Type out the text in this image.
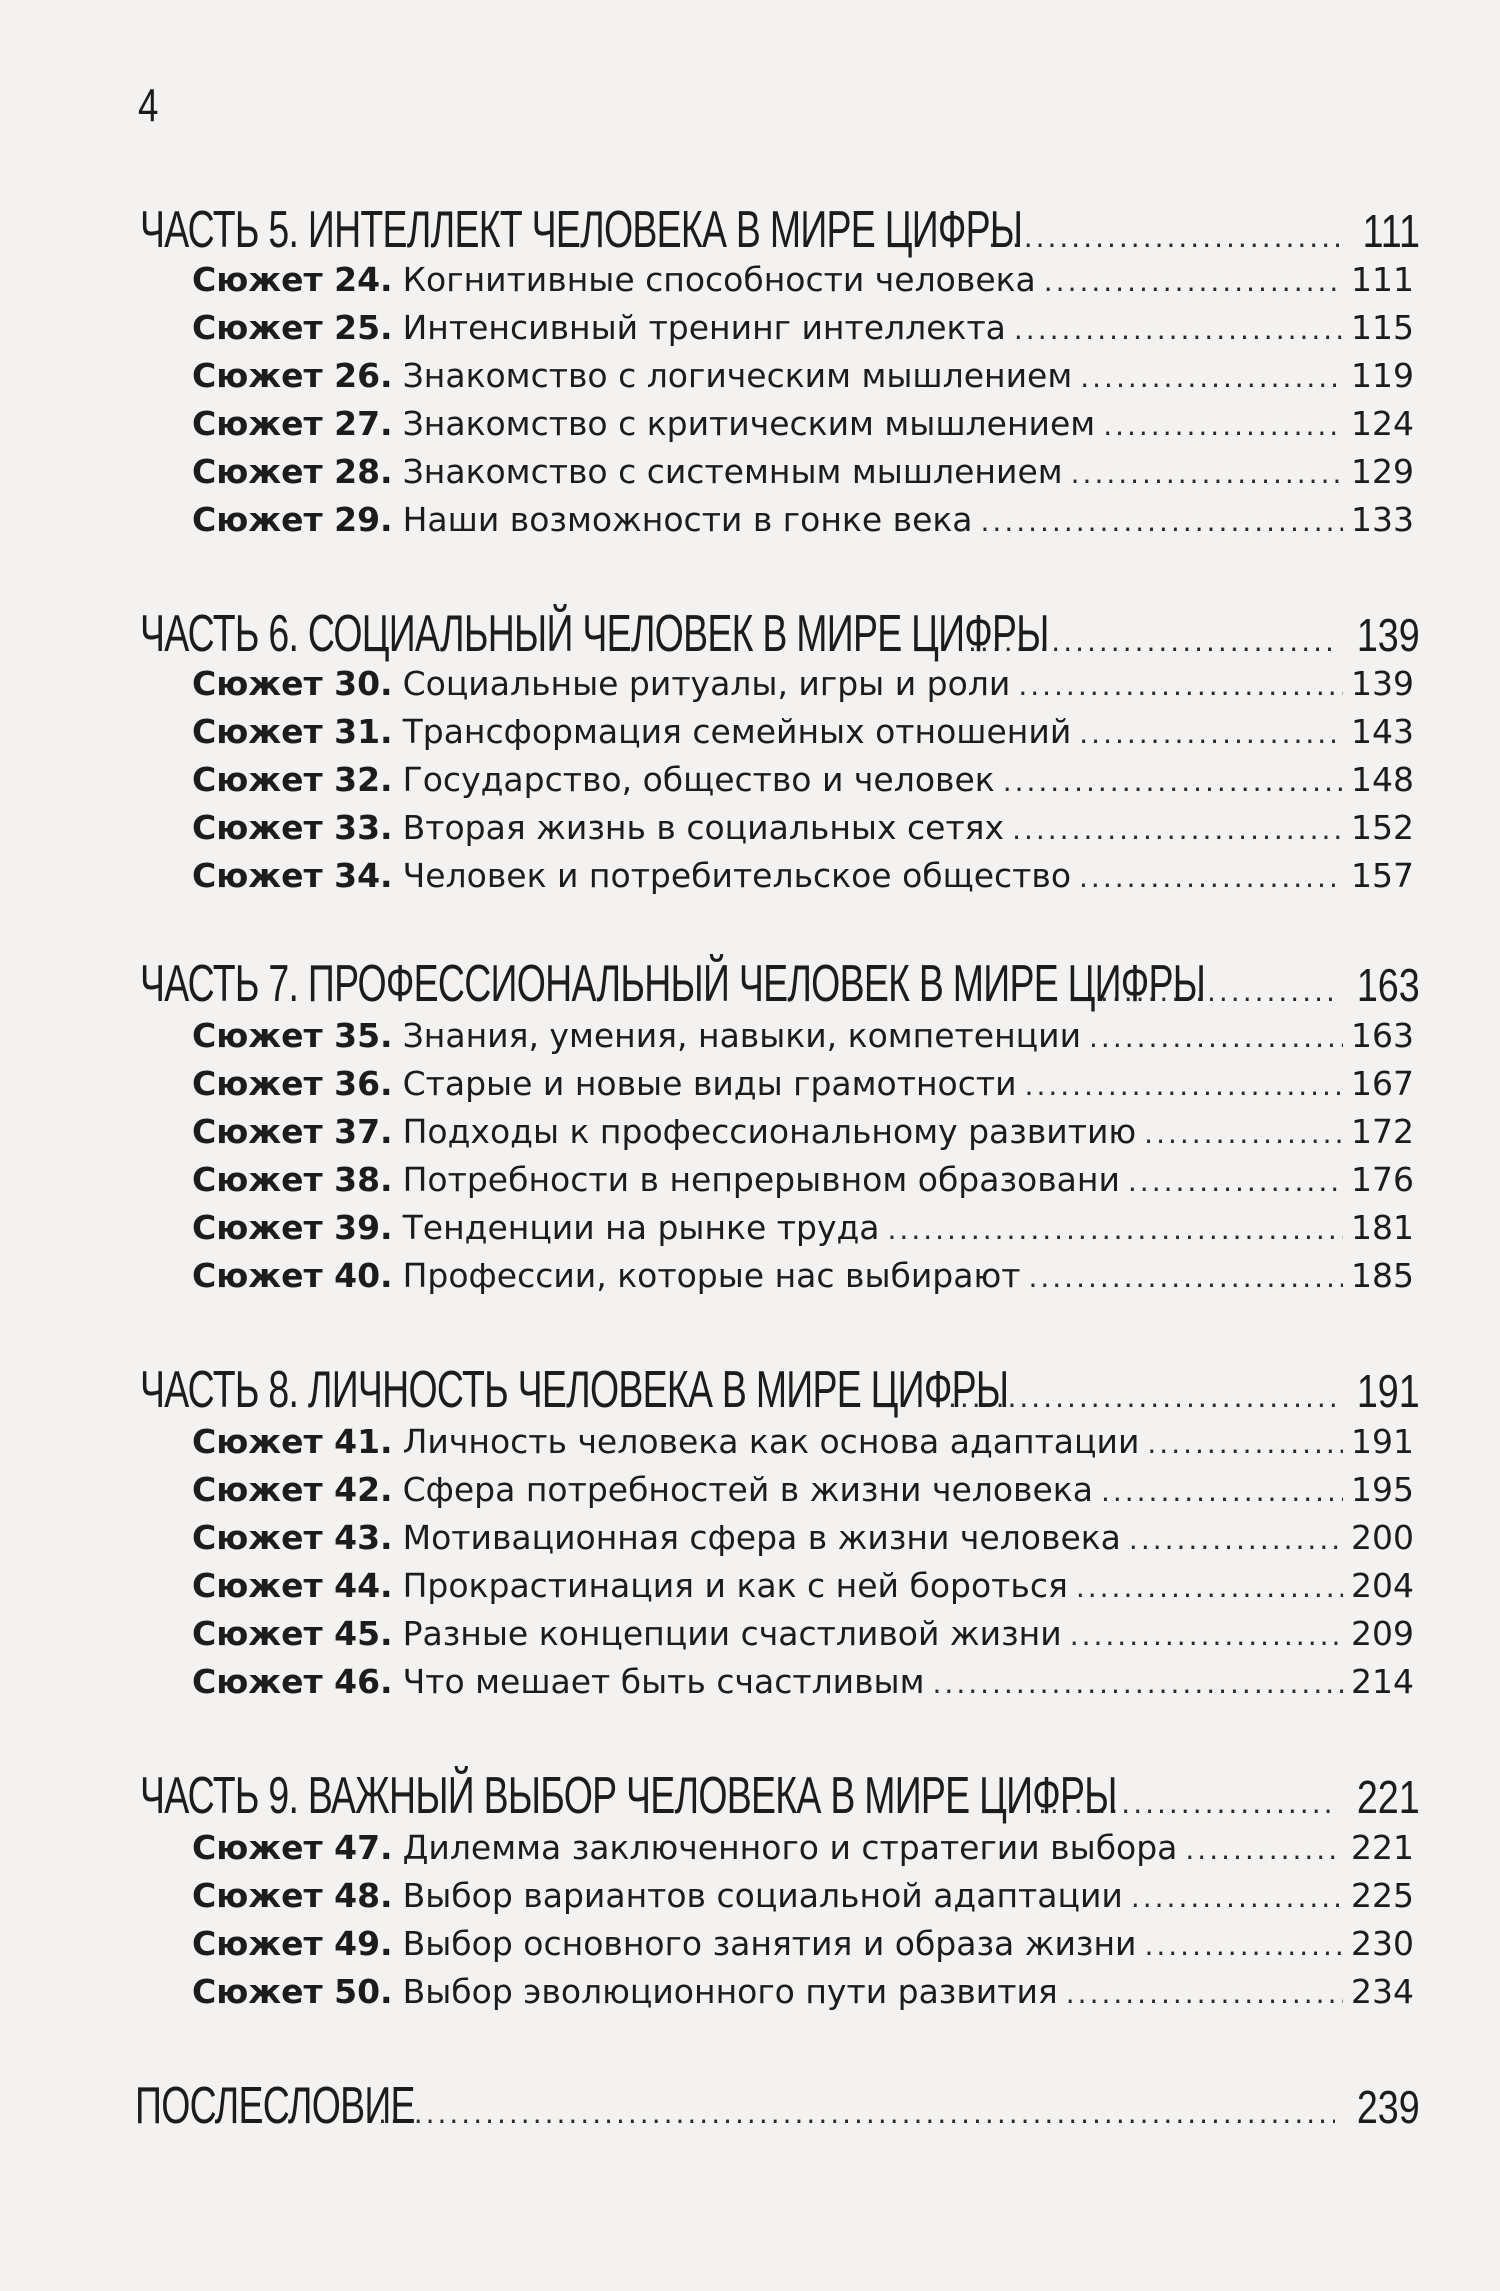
4
ЧАСТЬ 5. ИНТЕЛЛЕКТ ЧЕЛОВЕКА В МИРЕ ЦИФРЫ .....	111
Сюжет 24. Когнитивные способности человека .....	111
Сюжет 25. Интенсивный тренинг интеллекта .....	115
Сюжет 26. Знакомство с логическим мышлением .....	119
Сюжет 27. Знакомство с критическим мышлением .....	124
Сюжет 28. Знакомство с системным мышлением .....	129
Сюжет 29. Наши возможности в гонке века .....	133
ЧАСТЬ 6. СОЦИАЛЬНЫЙ ЧЕЛОВЕК В МИРЕ ЦИФРЫ .....	139
Сюжет 30. Социальные ритуалы, игры и роли .....	139
Сюжет 31. Трансформация семейных отношений .....	143
Сюжет 32. Государство, общество и человек .....	148
Сюжет 33. Вторая жизнь в социальных сетях .....	152
Сюжет 34. Человек и потребительское общество .....	157
ЧАСТЬ 7. ПРОФЕССИОНАЛЬНЫЙ ЧЕЛОВЕК В МИРЕ ЦИФРЫ .....	163
Сюжет 35. Знания, умения, навыки, компетенции .....	163
Сюжет 36. Старые и новые виды грамотности .....	167
Сюжет 37. Подходы к профессиональному развитию .....	172
Сюжет 38. Потребности в непрерывном образовани .....	176
Сюжет 39. Тенденции на рынке труда .....	181
Сюжет 40. Профессии, которые нас выбирают .....	185
ЧАСТЬ 8. ЛИЧНОСТЬ ЧЕЛОВЕКА В МИРЕ ЦИФРЫ .....	191
Сюжет 41. Личность человека как основа адаптации .....	191
Сюжет 42. Сфера потребностей в жизни человека .....	195
Сюжет 43. Мотивационная сфера в жизни человека .....	200
Сюжет 44. Прокрастинация и как с ней бороться .....	204
Сюжет 45. Разные концепции счастливой жизни .....	209
Сюжет 46. Что мешает быть счастливым .....	214
ЧАСТЬ 9. ВАЖНЫЙ ВЫБОР ЧЕЛОВЕКА В МИРЕ ЦИФРЫ .....	221
Сюжет 47. Дилемма заключенного и стратегии выбора .....	221
Сюжет 48. Выбор вариантов социальной адаптации .....	225
Сюжет 49. Выбор основного занятия и образа жизни .....	230
Сюжет 50. Выбор эволюционного пути развития .....	234
ПОСЛЕСЛОВИЕ .....	239
